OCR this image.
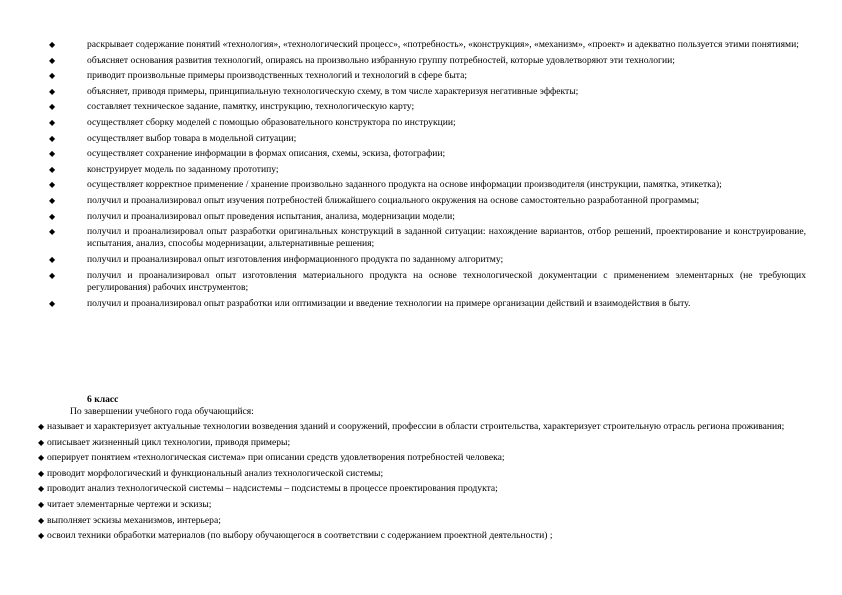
◆	раскрывает содержание понятий «технология», «технологический процесс», «потребность», «конструкция», «механизм», «проект» и адекватно пользуется этими понятиями;
◆	объясняет основания развития технологий, опираясь на произвольно избранную группу потребностей, которые удовлетворяют эти технологии;
◆	приводит произвольные примеры производственных технологий и технологий в сфере быта;
◆	объясняет, приводя примеры, принципиальную технологическую схему, в том числе характеризуя негативные эффекты;
◆	составляет техническое задание, памятку, инструкцию, технологическую карту;
◆	осуществляет сборку моделей с помощью образовательного конструктора по инструкции;
◆	осуществляет выбор товара в модельной ситуации;
◆	осуществляет сохранение информации в формах описания, схемы, эскиза, фотографии;
◆	конструирует модель по заданному прототипу;
◆	осуществляет корректное применение / хранение произвольно заданного продукта на основе информации производителя (инструкции, памятка, этикетка);
◆	получил и проанализировал опыт изучения потребностей ближайшего социального окружения на основе самостоятельно разработанной программы;
◆	получил и проанализировал опыт проведения испытания, анализа, модернизации модели;
◆	получил и проанализировал опыт разработки оригинальных конструкций в заданной ситуации: нахождение вариантов, отбор решений, проектирование и конструирование, испытания, анализ, способы модернизации, альтернативные решения;
◆	получил и проанализировал опыт изготовления информационного продукта по заданному алгоритму;
◆	получил и проанализировал опыт изготовления материального продукта на основе технологической документации с применением элементарных (не требующих регулирования) рабочих инструментов;
◆	получил и проанализировал опыт разработки или оптимизации и введение технологии на примере организации действий и взаимодействия в быту.
6 класс
По завершении учебного года обучающийся:
◆ называет и характеризует актуальные технологии возведения зданий и сооружений, профессии в области строительства, характеризует строительную отрасль региона проживания;
◆ описывает жизненный цикл технологии, приводя примеры;
◆ оперирует понятием «технологическая система» при описании средств удовлетворения потребностей человека;
◆ проводит морфологический и функциональный анализ технологической системы;
◆ проводит анализ технологической системы – надсистемы – подсистемы в процессе проектирования продукта;
◆ читает элементарные чертежи и эскизы;
◆ выполняет эскизы механизмов, интерьера;
◆ освоил техники обработки материалов (по выбору обучающегося в соответствии с содержанием проектной деятельности) ;
